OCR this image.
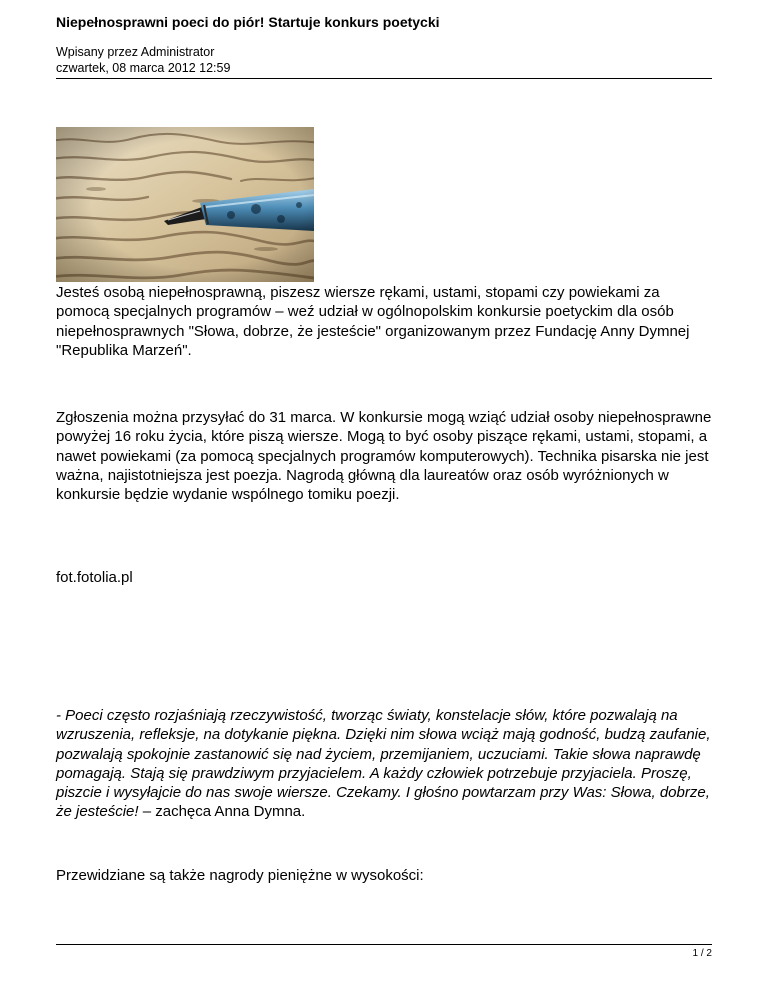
Niepełnosprawni poeci do piór! Startuje konkurs poetycki
Wpisany przez Administrator
czwartek, 08 marca 2012 12:59

Jesteś osobą niepełnosprawną, piszesz wiersze rękami, ustami, stopami czy powiekami za pomocą specjalnych programów – weź udział w ogólnopolskim konkursie poetyckim dla osób niepełnosprawnych "Słowa, dobrze, że jesteście" organizowanym przez Fundację Anny Dymnej "Republika Marzeń".

Zgłoszenia można przysyłać do 31 marca. W konkursie mogą wziąć udział osoby niepełnosprawne powyżej 16 roku życia, które piszą wiersze. Mogą to być osoby piszące rękami, ustami, stopami, a nawet powiekami (za pomocą specjalnych programów komputerowych). Technika pisarska nie jest ważna, najistotniejsza jest poezja. Nagrodą główną dla laureatów oraz osób wyróżnionych w konkursie będzie wydanie wspólnego tomiku poezji.

fot.fotolia.pl

- Poeci często rozjaśniają rzeczywistość, tworząc światy, konstelacje słów, które pozwalają na wzruszenia, refleksje, na dotykanie piękna. Dzięki nim słowa wciąż mają godność, budzą zaufanie, pozwalają spokojnie zastanowić się nad życiem, przemijaniem, uczuciami. Takie słowa naprawdę pomagają. Stają się prawdziwym przyjacielem. A każdy człowiek potrzebuje przyjaciela. Proszę, piszcie i wysyłajcie do nas swoje wiersze. Czekamy. I głośno powtarzam przy Was: Słowa, dobrze, że jesteście! – zachęca Anna Dymna.

Przewidziane są także nagrody pieniężne w wysokości:

1 / 2
